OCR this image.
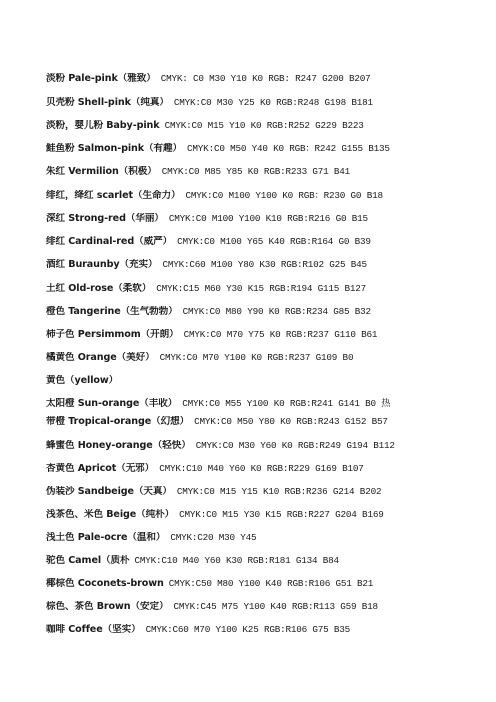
淡粉 Pale-pink（雅致） CMYK: C0 M30 Y10 K0 RGB: R247 G200 B207
贝壳粉 Shell-pink（纯真） CMYK:C0 M30 Y25 K0 RGB:R248 G198 B181
淡粉，婴儿粉 Baby-pink CMYK:C0 M15 Y10 K0 RGB:R252 G229 B223
鲑鱼粉 Salmon-pink（有趣） CMYK:C0 M50 Y40 K0 RGB：R242 G155 B135
朱红 Vermilion（积极） CMYK:C0 M85 Y85 K0 RGB:R233 G71 B41
绯红，绛红 scarlet（生命力） CMYK:C0 M100 Y100 K0 RGB：R230 G0 B18
深红 Strong-red（华丽） CMYK:C0 M100 Y100 K10 RGB:R216 G0 B15
绯红 Cardinal-red（威严） CMYK:C0 M100 Y65 K40 RGB:R164 G0 B39
酒红 Buraunby（充实） CMYK:C60 M100 Y80 K30 RGB:R102 G25 B45
土红 Old-rose（柔软） CMYK:C15 M60 Y30 K15 RGB:R194 G115 B127
橙色 Tangerine（生气勃勃） CMYK:C0 M80 Y90 K0 RGB:R234 G85 B32
柿子色 Persimmom（开朗） CMYK:C0 M70 Y75 K0 RGB:R237 G110 B61
橘黄色 Orange（美好） CMYK:C0 M70 Y100 K0 RGB:R237 G109 B0
黄色（yellow）
太阳橙 Sun-orange（丰收） CMYK:C0 M55 Y100 K0 RGB:R241 G141 B0 热
带橙 Tropical-orange（幻想） CMYK:C0 M50 Y80 K0 RGB:R243 G152 B57
蜂蜜色 Honey-orange（轻快） CMYK:C0 M30 Y60 K0 RGB:R249 G194 B112
杏黄色 Apricot（无邪） CMYK:C10 M40 Y60 K0 RGB:R229 G169 B107
伪装沙 Sandbeige（天真） CMYK:C0 M15 Y15 K10 RGB:R236 G214 B202
浅茶色、米色 Beige（纯朴） CMYK:C0 M15 Y30 K15 RGB:R227 G204 B169
浅土色 Pale-ocre（温和） CMYK:C20 M30 Y45
驼色 Camel（质朴 CMYK:C10 M40 Y60 K30 RGB:R181 G134 B84
椰棕色 Coconets-brown CMYK:C50 M80 Y100 K40 RGB:R106 G51 B21
棕色、茶色 Brown（安定） CMYK:C45 M75 Y100 K40 RGB:R113 G59 B18
咖啡 Coffee（坚实） CMYK:C60 M70 Y100 K25 RGB:R106 G75 B35
